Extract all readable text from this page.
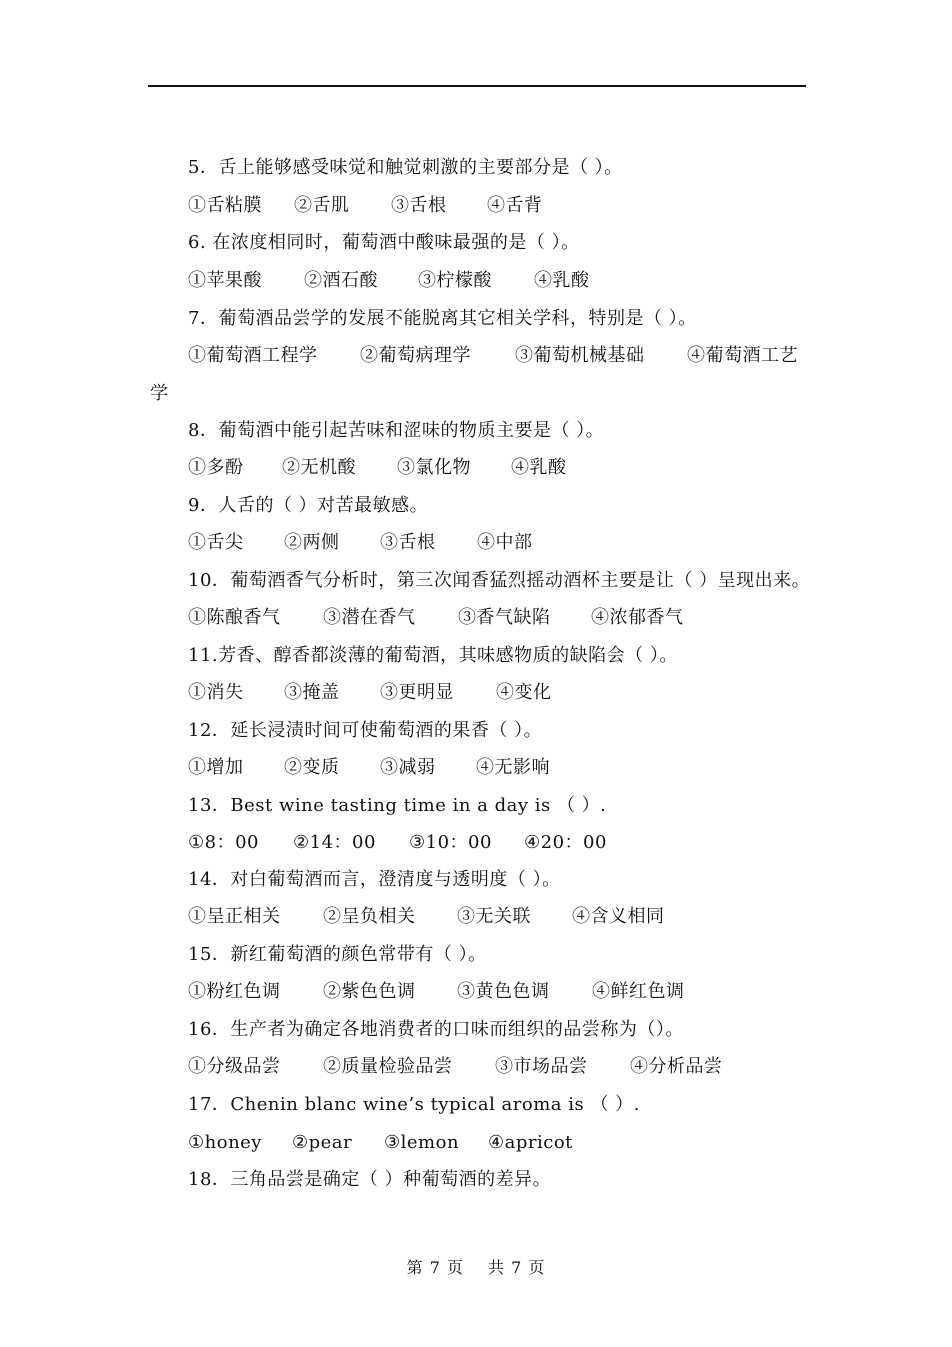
5．舌上能够感受味觉和触觉刺激的主要部分是（ ）。
①舌粘膜 ②舌肌 ③舌根 ④舌背
6. 在浓度相同时，葡萄酒中酸味最强的是（ ）。
①苹果酸 ②酒石酸 ③柠檬酸 ④乳酸
7．葡萄酒品尝学的发展不能脱离其它相关学科，特别是（ ）。
①葡萄酒工程学 ②葡萄病理学 ③葡萄机械基础 ④葡萄酒工艺
学
8．葡萄酒中能引起苦味和涩味的物质主要是（ ）。
①多酚 ②无机酸 ③氯化物 ④乳酸
9．人舌的（ ）对苦最敏感。
①舌尖 ②两侧 ③舌根 ④中部
10．葡萄酒香气分析时，第三次闻香猛烈摇动酒杯主要是让（ ）呈现出来。
①陈酿香气 ③潜在香气 ③香气缺陷 ④浓郁香气
11.芳香、醇香都淡薄的葡萄酒，其味感物质的缺陷会（ ）。
①消失 ③掩盖 ③更明显 ④变化
12．延长浸渍时间可使葡萄酒的果香（ ）。
①增加 ②变质 ③减弱 ④无影响
13．Best wine tasting time in a day is （ ）.
①8：00 ②14：00 ③10：00 ④20：00
14．对白葡萄酒而言，澄清度与透明度（ ）。
①呈正相关 ②呈负相关 ③无关联 ④含义相同
15．新红葡萄酒的颜色常带有（ ）。
①粉红色调 ②紫色色调 ③黄色色调 ④鲜红色调
16．生产者为确定各地消费者的口味而组织的品尝称为（）。
①分级品尝 ②质量检验品尝 ③市场品尝 ④分析品尝
17．Chenin blanc wine’s typical aroma is （ ）.
①honey ②pear ③lemon ④apricot
18．三角品尝是确定（ ）种葡萄酒的差异。
第 7 页 共 7 页
